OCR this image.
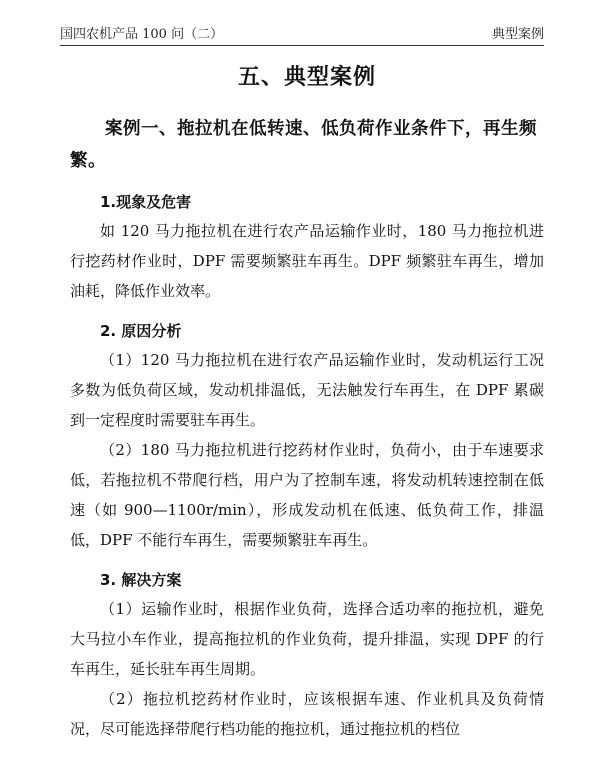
国四农机产品 100 问（二）	典型案例
五、典型案例
案例一、拖拉机在低转速、低负荷作业条件下，再生频繁。
1.现象及危害

如 120 马力拖拉机在进行农产品运输作业时，180 马力拖拉机进行挖药材作业时，DPF 需要频繁驻车再生。DPF 频繁驻车再生，增加油耗，降低作业效率。

2. 原因分析

（1）120 马力拖拉机在进行农产品运输作业时，发动机运行工况多数为低负荷区域，发动机排温低，无法触发行车再生，在 DPF 累碳到一定程度时需要驻车再生。

（2）180 马力拖拉机进行挖药材作业时，负荷小，由于车速要求低，若拖拉机不带爬行档，用户为了控制车速，将发动机转速控制在低速（如 900—1100r/min），形成发动机在低速、低负荷工作，排温低，DPF 不能行车再生，需要频繁驻车再生。

3. 解决方案

（1）运输作业时，根据作业负荷，选择合适功率的拖拉机，避免大马拉小车作业，提高拖拉机的作业负荷，提升排温，实现 DPF 的行车再生，延长驻车再生周期。

（2）拖拉机挖药材作业时，应该根据车速、作业机具及负荷情况，尽可能选择带爬行档功能的拖拉机，通过拖拉机的档位
